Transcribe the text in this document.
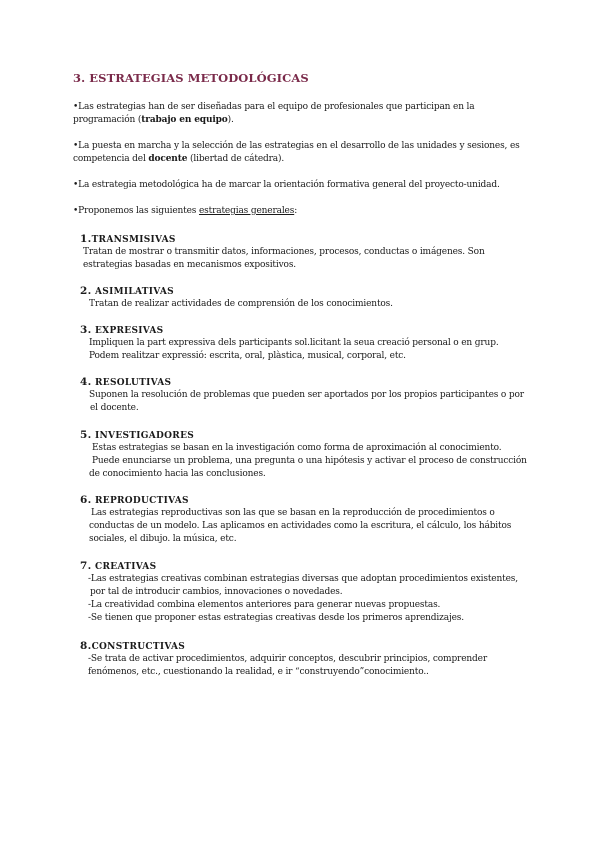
3. ESTRATEGIAS METODOLÓGICAS
•Las estrategias han de ser diseñadas para el equipo de profesionales que participan en la
programación (trabajo en equipo).
•La puesta en marcha y la selección de las estrategias en el desarrollo de las unidades y sesiones, es
competencia del docente (libertad de cátedra).
•La estrategia metodológica ha de marcar la orientación formativa general del proyecto-unidad.
•Proponemos las siguientes estrategias generales:
1.TRANSMISIVAS
Tratan de mostrar o transmitir datos, informaciones, procesos, conductas o imágenes. Son
estrategias basadas en mecanismos expositivos.
2. ASIMILATIVAS
Tratan de realizar actividades de comprensión de los conocimientos.
3. EXPRESIVAS
Impliquen la part expressiva dels participants sol.licitant la seua creació personal o en grup.
Podem realitzar expressió: escrita, oral, plàstica, musical, corporal, etc.
4. RESOLUTIVAS
Suponen la resolución de problemas que pueden ser aportados por los propios participantes o por
el docente.
5. INVESTIGADORES
Estas estrategias se basan en la investigación como forma de aproximación al conocimiento.
Puede enunciarse un problema, una pregunta o una hipótesis y activar el proceso de construcción
de conocimiento hacia las conclusiones.
6. REPRODUCTIVAS
Las estrategias reproductivas son las que se basan en la reproducción de procedimientos o
conductas de un modelo. Las aplicamos en actividades como la escritura, el cálculo, los hábitos
sociales, el dibujo. la música, etc.
7. CREATIVAS
-Las estrategias creativas combinan estrategias diversas que adoptan procedimientos existentes,
por tal de introducir cambios, innovaciones o novedades.
-La creatividad combina elementos anteriores para generar nuevas propuestas.
-Se tienen que proponer estas estrategias creativas desde los primeros aprendizajes.
8.CONSTRUCTIVAS
-Se trata de activar procedimientos, adquirir conceptos, descubrir principios, comprender
fenómenos, etc., cuestionando la realidad, e ir “construyendo”conocimiento..
